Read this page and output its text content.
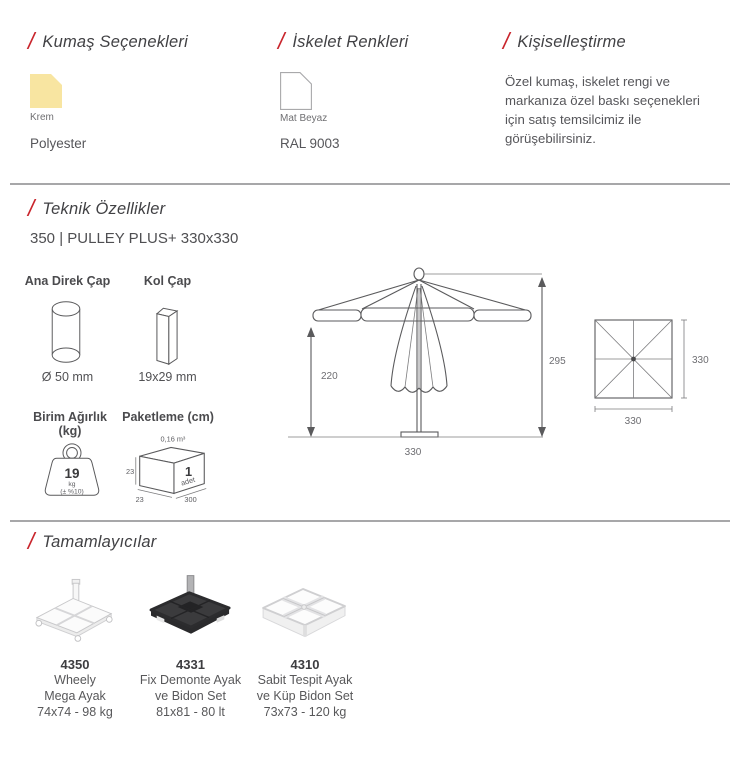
/
Kumaş Seçenekleri
Krem
Polyester
/
İskelet Renkleri
Mat Beyaz
RAL 9003
/
Kişiselleştirme
Özel kumaş, iskelet rengi ve markanıza özel baskı seçenekleri için satış temsilcimiz ile görüşebilirsiniz.
/
Teknik Özellikler
350 | PULLEY PLUS+ 330x330
Ana Direk Çap
Ø 50 mm
Kol Çap
19x29 mm
Birim Ağırlık (kg)
19
kg
(± %10)
Paketleme (cm)
0,16 m³
23
23	300
1
adet
220
295
330
330
330
/
Tamamlayıcılar
4350
Wheely
Mega Ayak
74x74 - 98 kg
4331
Fix Demonte Ayak
ve Bidon Set
81x81 - 80 lt
4310
Sabit Tespit Ayak
ve Küp Bidon Set
73x73 - 120 kg
